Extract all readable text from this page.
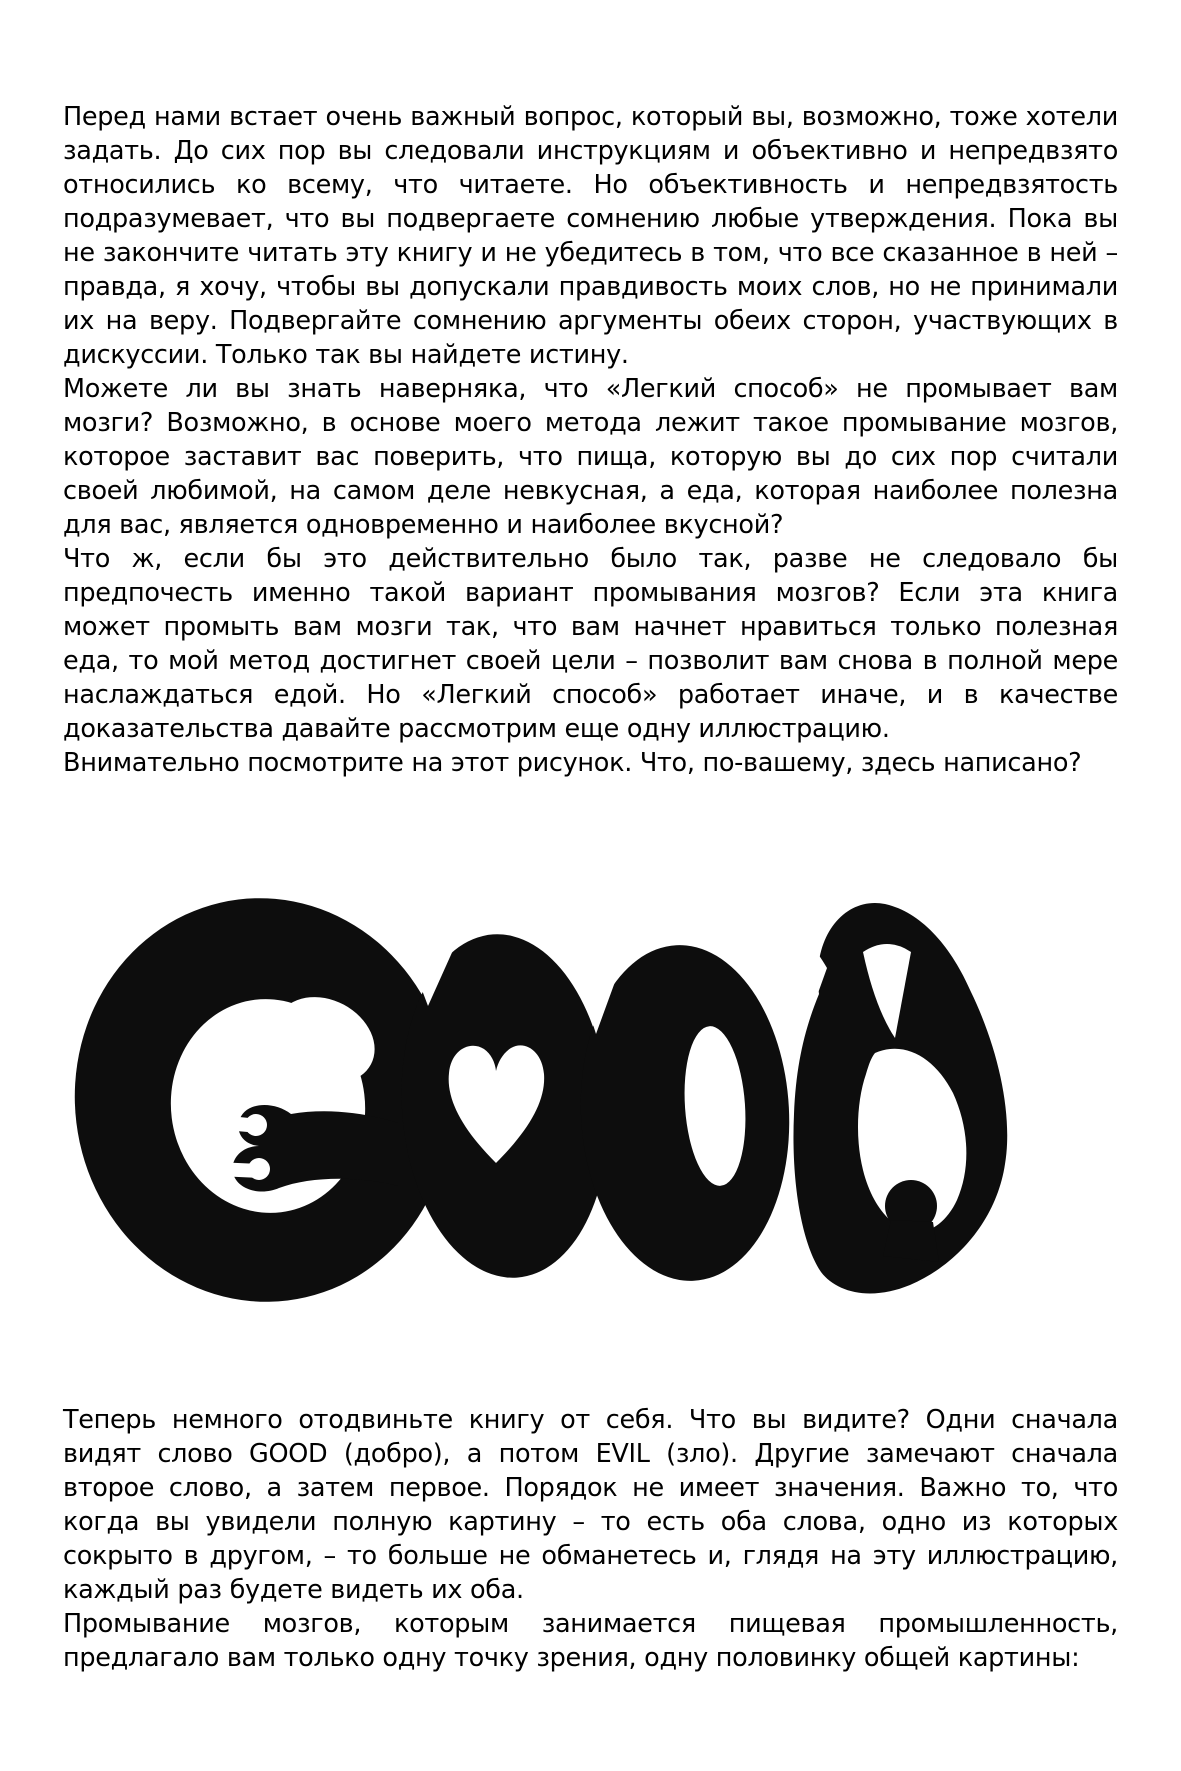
Перед нами встает очень важный вопрос, который вы, возможно, тоже хотели задать. До сих пор вы следовали инструкциям и объективно и непредвзято относились ко всему, что читаете. Но объективность и непредвзятость подразумевает, что вы подвергаете сомнению любые утверждения. Пока вы не закончите читать эту книгу и не убедитесь в том, что все сказанное в ней – правда, я хочу, чтобы вы допускали правдивость моих слов, но не принимали их на веру. Подвергайте сомнению аргументы обеих сторон, участвующих в дискуссии. Только так вы найдете истину.

Можете ли вы знать наверняка, что «Легкий способ» не промывает вам мозги? Возможно, в основе моего метода лежит такое промывание мозгов, которое заставит вас поверить, что пища, которую вы до сих пор считали своей любимой, на самом деле невкусная, а еда, которая наиболее полезна для вас, является одновременно и наиболее вкусной?

Что ж, если бы это действительно было так, разве не следовало бы предпочесть именно такой вариант промывания мозгов? Если эта книга может промыть вам мозги так, что вам начнет нравиться только полезная еда, то мой метод достигнет своей цели – позволит вам снова в полной мере наслаждаться едой. Но «Легкий способ» работает иначе, и в качестве доказательства давайте рассмотрим еще одну иллюстрацию.

Внимательно посмотрите на этот рисунок. Что, по-вашему, здесь написано?

Теперь немного отодвиньте книгу от себя. Что вы видите? Одни сначала видят слово GOOD (добро), а потом EVIL (зло). Другие замечают сначала второе слово, а затем первое. Порядок не имеет значения. Важно то, что когда вы увидели полную картину – то есть оба слова, одно из которых сокрыто в другом, – то больше не обманетесь и, глядя на эту иллюстрацию, каждый раз будете видеть их оба.

Промывание мозгов, которым занимается пищевая промышленность, предлагало вам только одну точку зрения, одну половинку общей картины:
